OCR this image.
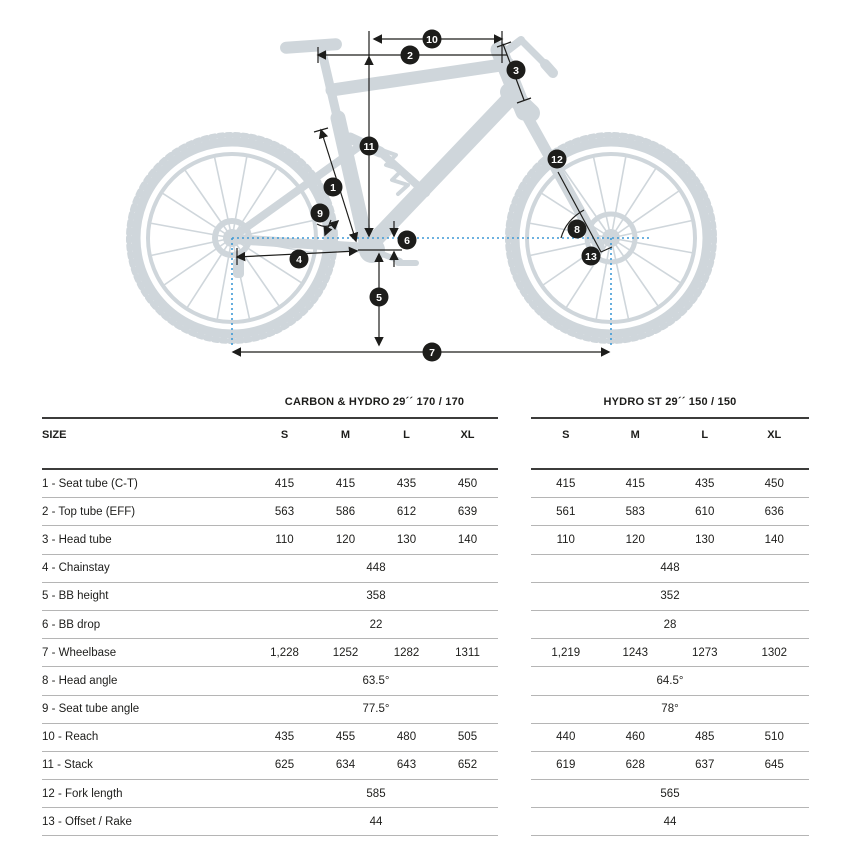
1
2
3
4
5
6
7
8
9
10
11
12
13
CARBON & HYDRO 29´´ 170 / 170
SIZE	S	M	L	XL
1 - Seat tube (C-T)	415	415	435	450
2 - Top tube (EFF)	563	586	612	639
3 - Head tube	110	120	130	140
4 - Chainstay	448
5 - BB height	358
6 - BB drop	22
7 - Wheelbase	1,228	1252	1282	1311
8 - Head angle	63.5°
9 - Seat tube angle	77.5°
10 - Reach	435	455	480	505
11 - Stack	625	634	643	652
12 - Fork length	585
13 - Offset / Rake	44
HYDRO ST 29´´ 150 / 150
S	M	L	XL
415	415	435	450
561	583	610	636
110	120	130	140
448
352
28
1,219	1243	1273	1302
64.5°
78°
440	460	485	510
619	628	637	645
565
44
